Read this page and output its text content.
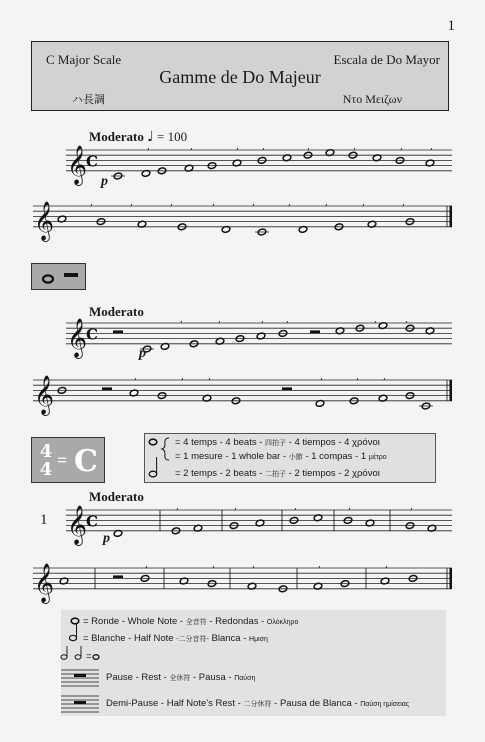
1
C Major Scale	Escala de Do Mayor
Gamme de Do Majeur
ハ長調	Ντο Μειζων
Moderato ♩ = 100
p
𝄞
C
,	,	,	,	,	,	,	,
𝄞	,	,	,	,	,	,	,	,	,
𝄞
C
,	,	, ,	,	,
𝄞	,	,	,	,	,	,
𝄞
C
,	,	,	,	,
𝄞	,	,	,	,	,
Moderato
p
4
4 = C
= 4 temps - 4 beats - 四拍子 - 4 tiempos - 4 χρόνοι
= 1 mesure - 1 whole bar - 小節 - 1 compas - 1 μέτρο
= 2 temps - 2 beats - 二拍子 - 2 tiempos - 2 χρόνοι
Moderato
1
p
= Ronde - Whole Note - 全音符 - Redondas - Ολόκληρο
= Blanche - Half Note -二分音符- Blanca - Ημιση
=
Pause - Rest - 全休符 - Pausa - Παύση
Demi-Pause - Half Note's Rest - 二分休符 - Pausa de Blanca - Παύση ημίσειας
